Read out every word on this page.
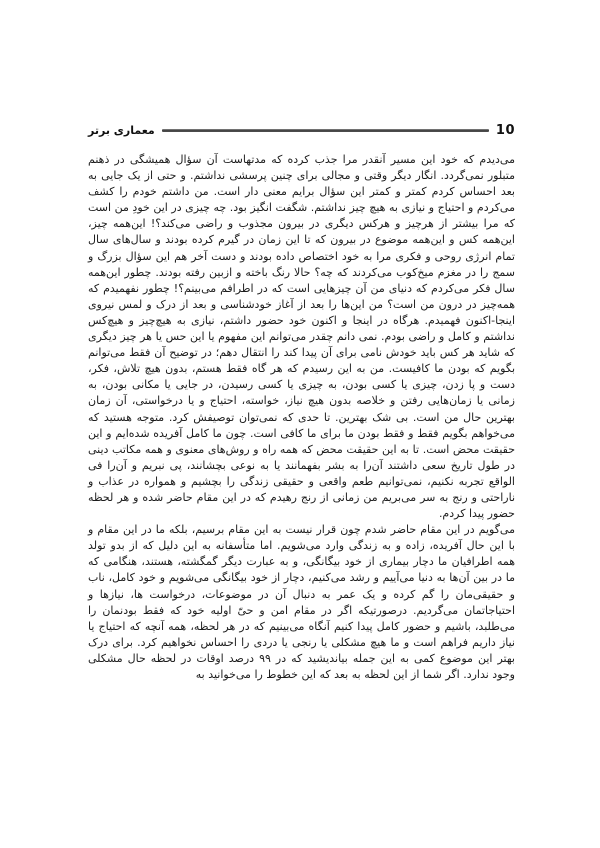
10
معماری برتر

می‌دیدم که خود این مسیر آنقدر مرا جذب کرده که مدتهاست آن سؤال همیشگی در ذهنم متبلور نمی‌گردد. انگار دیگر وقتی و مجالی برای چنین پرسشی نداشتم. و حتی از یک جایی به بعد احساس کردم کمتر و کمتر این سؤال برایم معنی دار است. من داشتم خودم را کشف می‌کردم و احتیاج و نیازی به هیچ چیز نداشتم. شگفت انگیز بود. چه چیزی در این خودِ من است که مرا بیشتر از هرچیز و هرکس دیگری در بیرون مجذوب و راضی می‌کند؟! این‌همه چیز، این‌همه کس و این‌همه موضوع در بیرون که تا این زمان در گیرم کرده بودند و سال‌های سال تمام انرژی روحی و فکری مرا به خود اختصاص داده بودند و دست آخر هم این سؤال بزرگ و سمج را در مغزم میخ‌کوب می‌کردند که چه؟ حالا رنگ باخته و ازبین رفته بودند. چطور این‌همه سال فکر می‌کردم که دنیای من آن چیزهایی است که در اطرافم می‌بینم؟! چطور نفهمیدم که همه‌چیز در درون من است؟ من این‌ها را بعد از آغاز خودشناسی و بعد از درک و لمس نیروی اینجا-اکنون فهمیدم. هرگاه در اینجا و اکنون خود حضور داشتم، نیازی به هیچ‌چیز و هیچ‌کس نداشتم و کامل و راضی بودم. نمی دانم چقدر می‌توانم این مفهوم یا این حس یا هر چیز دیگری که شاید هر کس باید خودش نامی برای آن پیدا کند را انتقال دهم؛ در توضیح آن فقط می‌توانم بگویم که بودن ما کافیست. من به این رسیدم که هر گاه فقط هستم، بدون هیچ تلاش، فکر، دست و پا زدن، چیزی یا کسی بودن، به چیزی یا کسی رسیدن، در جایی یا مکانی بودن، به زمانی یا زمان‌هایی رفتن و خلاصه بدون هیچ نیاز، خواسته، احتیاج و یا درخواستی، آن زمان بهترین حال من است. بی شک بهترین. تا حدی که نمی‌توان توصیفش کرد. متوجه هستید که می‌خواهم بگویم فقط و فقط بودن ما برای ما کافی است. چون ما کامل آفریده شده‌ایم و این حقیقت محض است. تا به این حقیقت محض که همه راه و روش‌های معنوی و همه مکاتب دینی در طول تاریخ سعی داشتند آن‌را به بشر بفهمانند یا به نوعی بچشانند، پی نبریم و آن‌را فی الواقع تجربه نکنیم، نمی‌توانیم طعم واقعی و حقیقی زندگی را بچشیم و همواره در عذاب و ناراحتی و رنج به سر می‌بریم من زمانی از رنج رهیدم که در این مقام حاضر شده و هر لحظه حضور پیدا کردم.

می‌گویم در این مقام حاضر شدم چون قرار نیست به این مقام برسیم، بلکه ما در این مقام و با این حال آفریده، زاده و به زندگی وارد می‌شویم. اما متأسفانه به این دلیل که از بدو تولد همه اطرافیان ما دچار بیماری از خود بیگانگی، و به عبارت دیگر گمگشته، هستند، هنگامی که ما در بین آن‌ها به دنیا می‌آییم و رشد می‌کنیم، دچار از خود بیگانگی می‌شویم و خود کامل، ناب و حقیقی‌مان را گم کرده و یک عمر به دنبال آن در موضوعات، درخواست ها، نیازها و احتیاجاتمان می‌گردیم. درصورتیکه اگر در مقام امن و حیّ اولیه خود که فقط بودنمان را می‌طلبد، باشیم و حضور کامل پیدا کنیم آنگاه می‌بینیم که در هر لحظه، همه آنچه که احتیاج یا نیاز داریم فراهم است و ما هیچ مشکلی یا رنجی یا دردی را احساس نخواهیم کرد. برای درک بهتر این موضوع کمی به این جمله بیاندیشید که در ۹۹ درصد اوقات در لحظه حال مشکلی وجود ندارد. اگر شما از این لحظه به بعد که این خطوط را می‌خوانید به
